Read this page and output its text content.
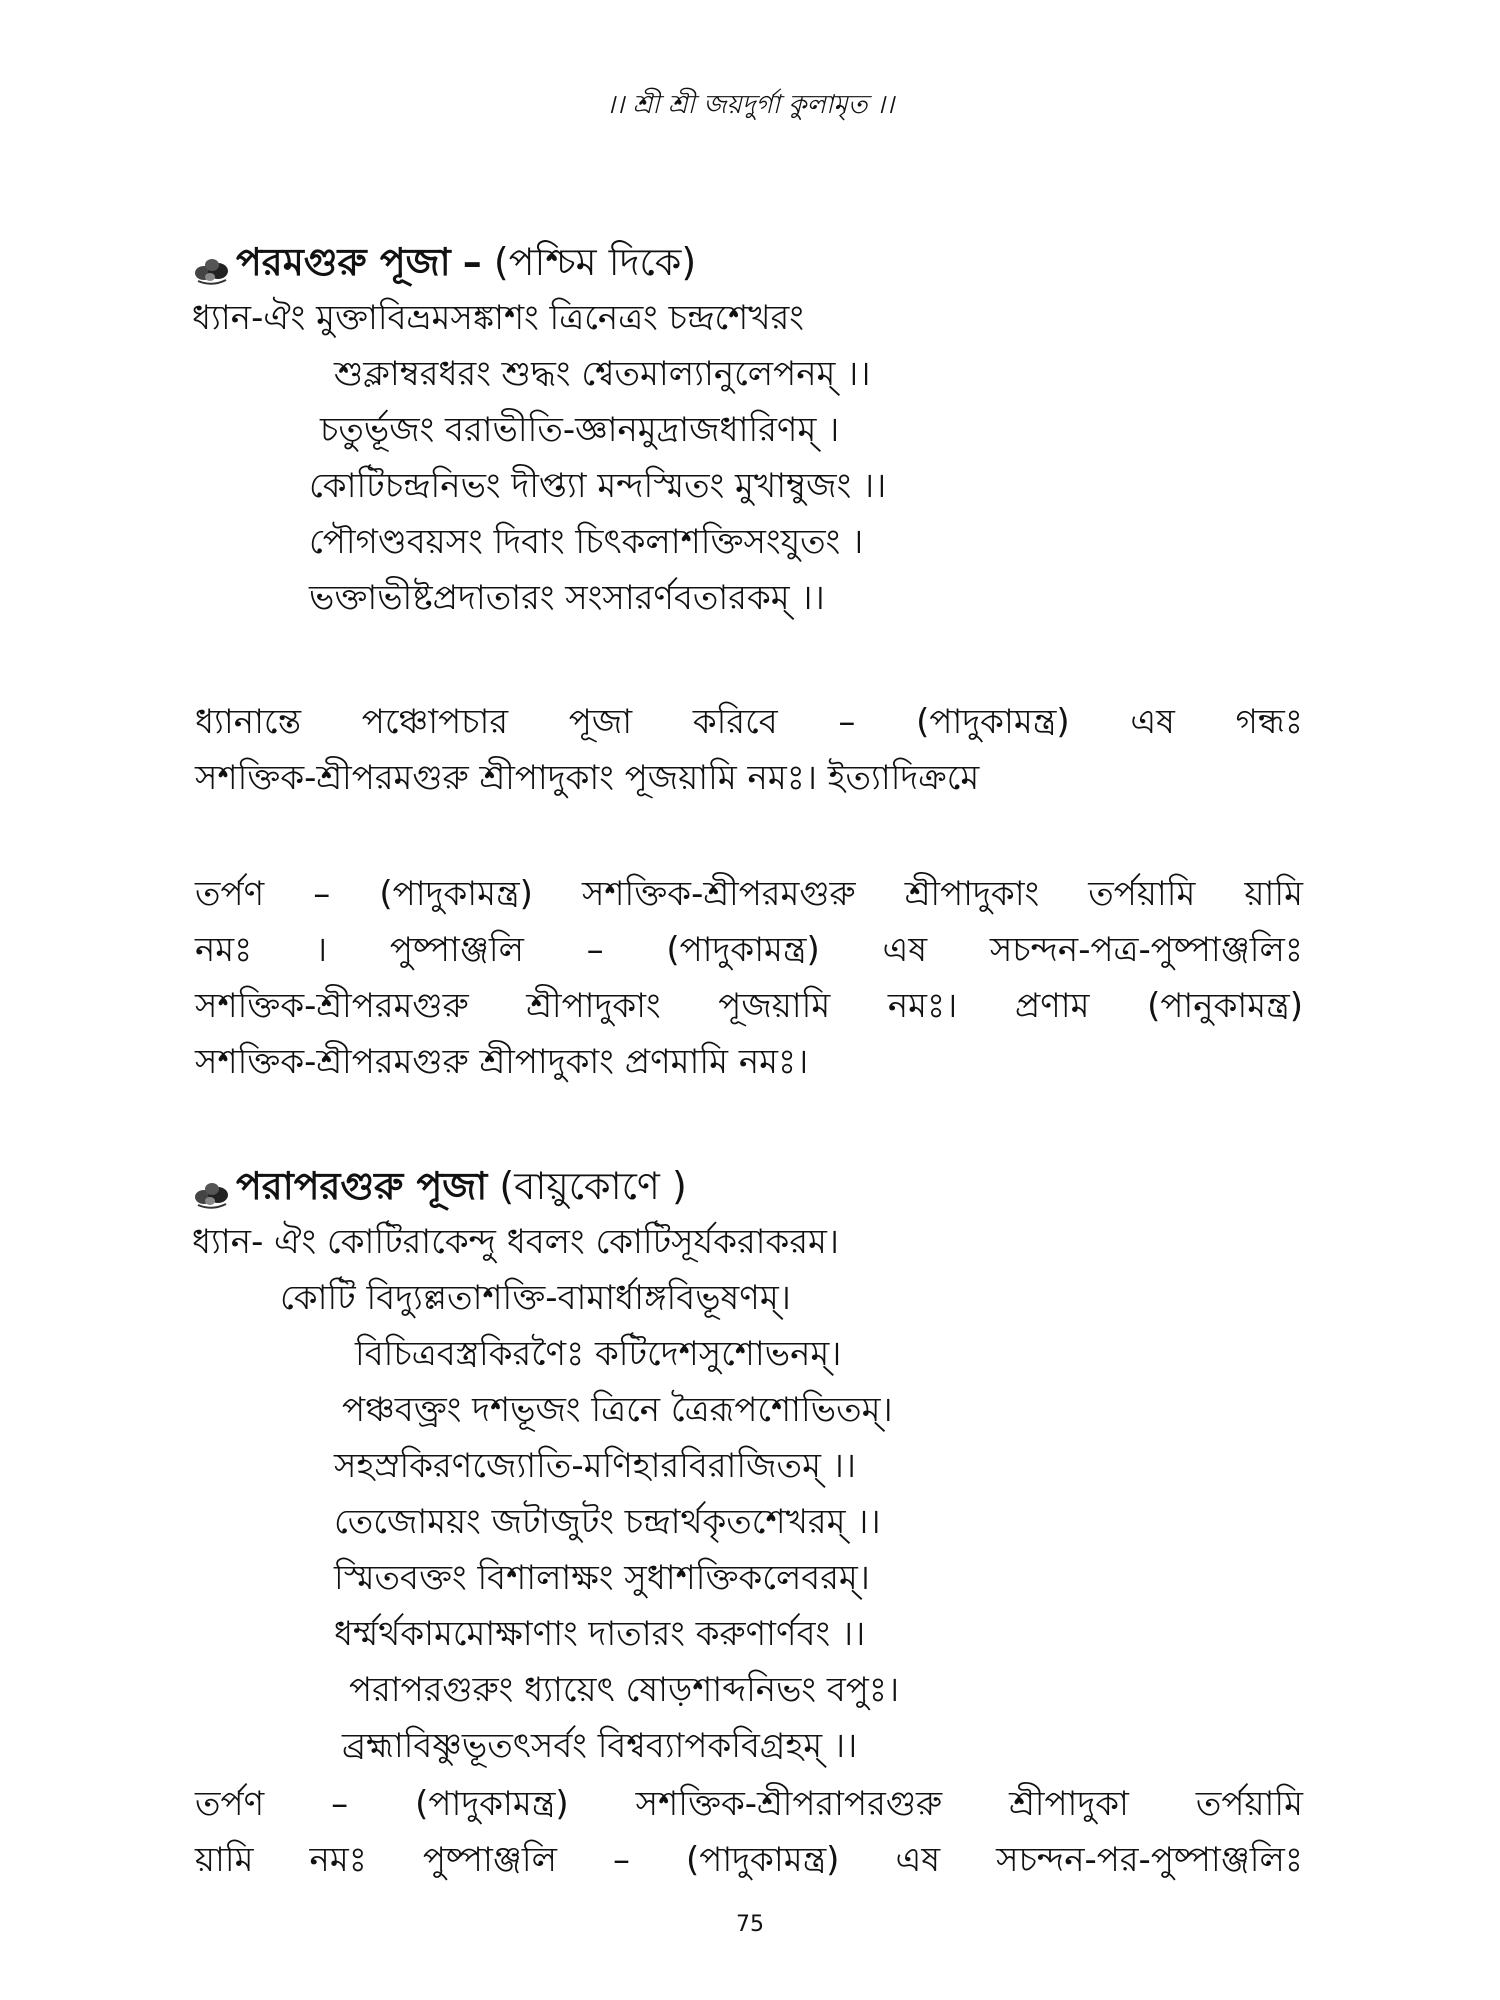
।। শ্রী শ্রী জয়দুর্গা কুলামৃত ।।
পরমগুরু পূজা – (পশ্চিম দিকে)
ধ্যান-ঐং মুক্তাবিভ্রমসঙ্কাশং ত্রিনেত্রং চন্দ্রশেখরং
শুক্লাম্বরধরং শুদ্ধং শ্বেতমাল্যানুলেপনম্ ।।
চতুর্ভূজং বরাভীতি-জ্ঞানমুদ্রাজধারিণম্ ।
কোটিচন্দ্রনিভং দীপ্ত্যা মন্দস্মিতং মুখাম্বুজং ।।
পৌগণ্ডবয়সং দিবাং চিৎকলাশক্তিসংযুতং ।
ভক্তাভীষ্টপ্রদাতারং সংসারর্ণবতারকম্ ।।
ধ্যানান্তে পঞ্চোপচার পূজা করিবে – (পাদুকামন্ত্র) এষ গন্ধঃ
সশক্তিক-শ্রীপরমগুরু শ্রীপাদুকাং পূজয়ামি নমঃ। ইত্যাদিক্রমে
তর্পণ – (পাদুকামন্ত্র) সশক্তিক-শ্রীপরমগুরু শ্রীপাদুকাং তর্পয়ামি য়ামি
নমঃ । পুষ্পাঞ্জলি – (পাদুকামন্ত্র) এষ সচন্দন-পত্র-পুষ্পাঞ্জলিঃ
সশক্তিক-শ্রীপরমগুরু শ্রীপাদুকাং পূজয়ামি নমঃ। প্রণাম (পানুকামন্ত্র)
সশক্তিক-শ্রীপরমগুরু শ্রীপাদুকাং প্রণমামি নমঃ।
পরাপরগুরু পূজা (বায়ুকোণে )
ধ্যান- ঐং কোটিরাকেন্দু ধবলং কোটিসূর্যকরাকরম।
কোটি বিদ্যুল্লতাশক্তি-বামার্ধাঙ্গবিভূষণম্।
বিচিত্রবস্ত্রকিরণৈঃ কটিদেশসুশোভনম্।
পঞ্চবক্ত্রং দশভূজং ত্রিনে ত্রৈরূপশোভিতম্।
সহস্রকিরণজ্যোতি-মণিহারবিরাজিতম্ ।।
তেজোময়ং জটাজুটং চন্দ্রার্থকৃতশেখরম্ ।।
স্মিতবক্তং বিশালাক্ষং সুধাশক্তিকলেবরম্।
ধর্ম্মর্থকামমোক্ষাণাং দাতারং করুণার্ণবং ।।
পরাপরগুরুং ধ্যায়েৎ ষোড়শাব্দনিভং বপুঃ।
ব্রহ্মাবিষ্ণুভূতৎসর্বং বিশ্বব্যাপকবিগ্রহম্ ।।
তর্পণ – (পাদুকামন্ত্র) সশক্তিক-শ্রীপরাপরগুরু শ্রীপাদুকা তর্পয়ামি
য়ামি নমঃ পুষ্পাঞ্জলি – (পাদুকামন্ত্র) এষ সচন্দন-পর-পুষ্পাঞ্জলিঃ
75
